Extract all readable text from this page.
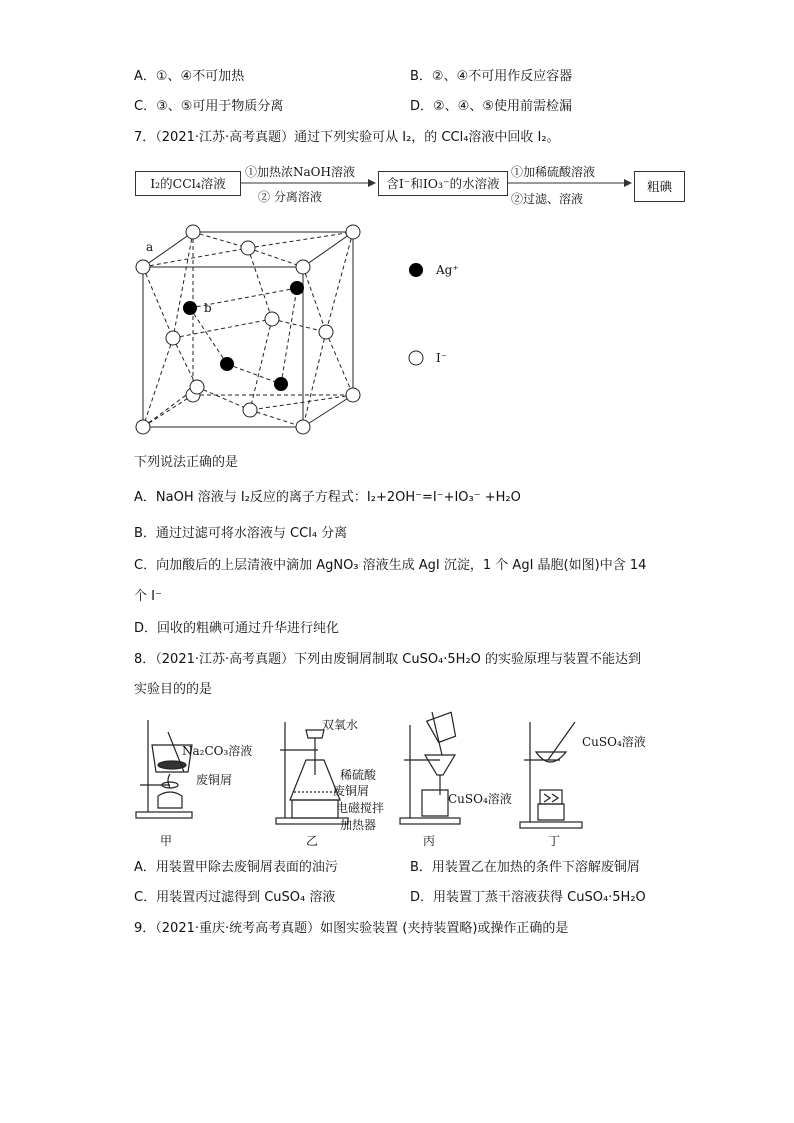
A．①、④不可加热	B．②、④不可用作反应容器
C．③、⑤可用于物质分离	D．②、④、⑤使用前需检漏
7．（2021·江苏·高考真题）通过下列实验可从 I₂，的 CCl₄溶液中回收 I₂。
I₂的CCl₄溶液
①加热浓NaOH溶液
② 分离溶液
含I⁻和IO₃⁻的水溶液
①加稀硫酸溶液
②过滤、溶液
粗碘
a
b
Ag⁺
I⁻
下列说法正确的是
A．NaOH 溶液与 I₂反应的离子方程式：I₂+2OH⁻=I⁻+IO₃⁻ +H₂O
B．通过过滤可将水溶液与 CCl₄ 分离
C．向加酸后的上层清液中滴加 AgNO₃ 溶液生成 AgI 沉淀，1 个 AgI 晶胞(如图)中含 14
个 I⁻
D．回收的粗碘可通过升华进行纯化
8．（2021·江苏·高考真题）下列由废铜屑制取 CuSO₄·5H₂O 的实验原理与装置不能达到
实验目的的是
Na₂CO₃溶液
废铜屑
甲
双氧水
稀硫酸
废铜屑
电磁搅拌
加热器
乙
CuSO₄溶液
丙
CuSO₄溶液
丁
A．用装置甲除去废铜屑表面的油污	B．用装置乙在加热的条件下溶解废铜屑
C．用装置丙过滤得到 CuSO₄ 溶液	D．用装置丁蒸干溶液获得 CuSO₄·5H₂O
9．（2021·重庆·统考高考真题）如图实验装置 (夹持装置略)或操作正确的是
